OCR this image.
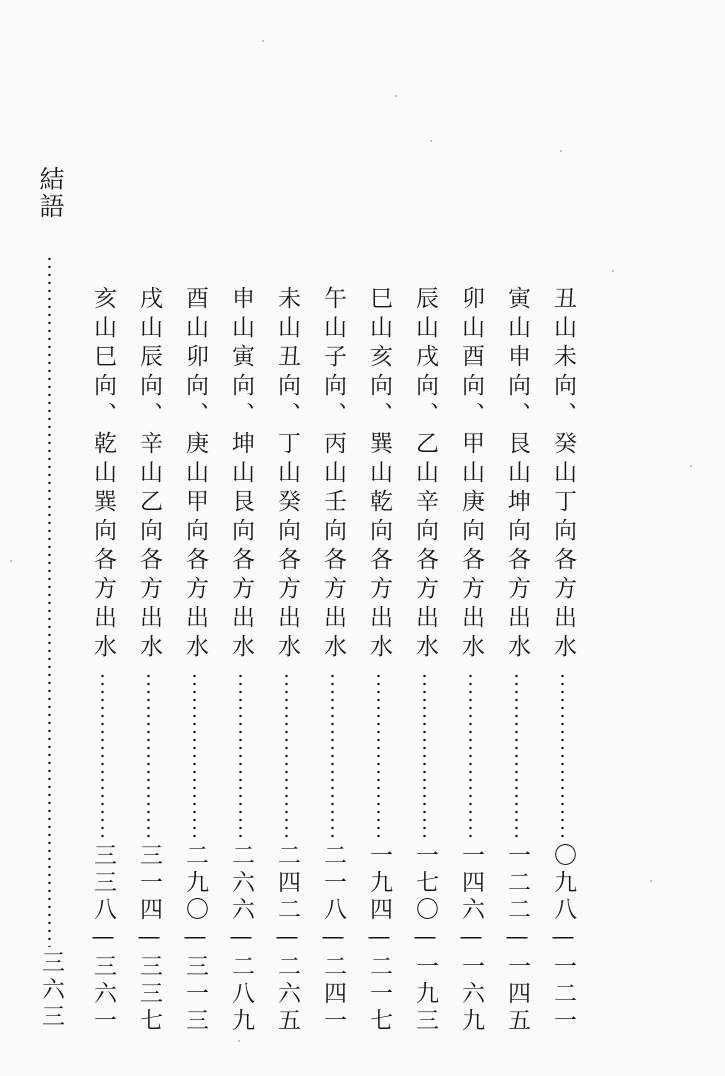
丑山未向、癸山丁向各方出水
〇九八—一二一
寅山申向、艮山坤向各方出水
一二二—一四五
卯山酉向、甲山庚向各方出水
一四六—一六九
辰山戌向、乙山辛向各方出水
一七〇—一九三
巳山亥向、巽山乾向各方出水
一九四—二一七
午山子向、丙山壬向各方出水
二一八—二四一
未山丑向、丁山癸向各方出水
二四二—二六五
申山寅向、坤山艮向各方出水
二六六—二八九
酉山卯向、庚山甲向各方出水
二九〇—三一三
戌山辰向、辛山乙向各方出水
三一四—三三七
亥山巳向、乾山巽向各方出水
三三八—三六一
結語
三六三
